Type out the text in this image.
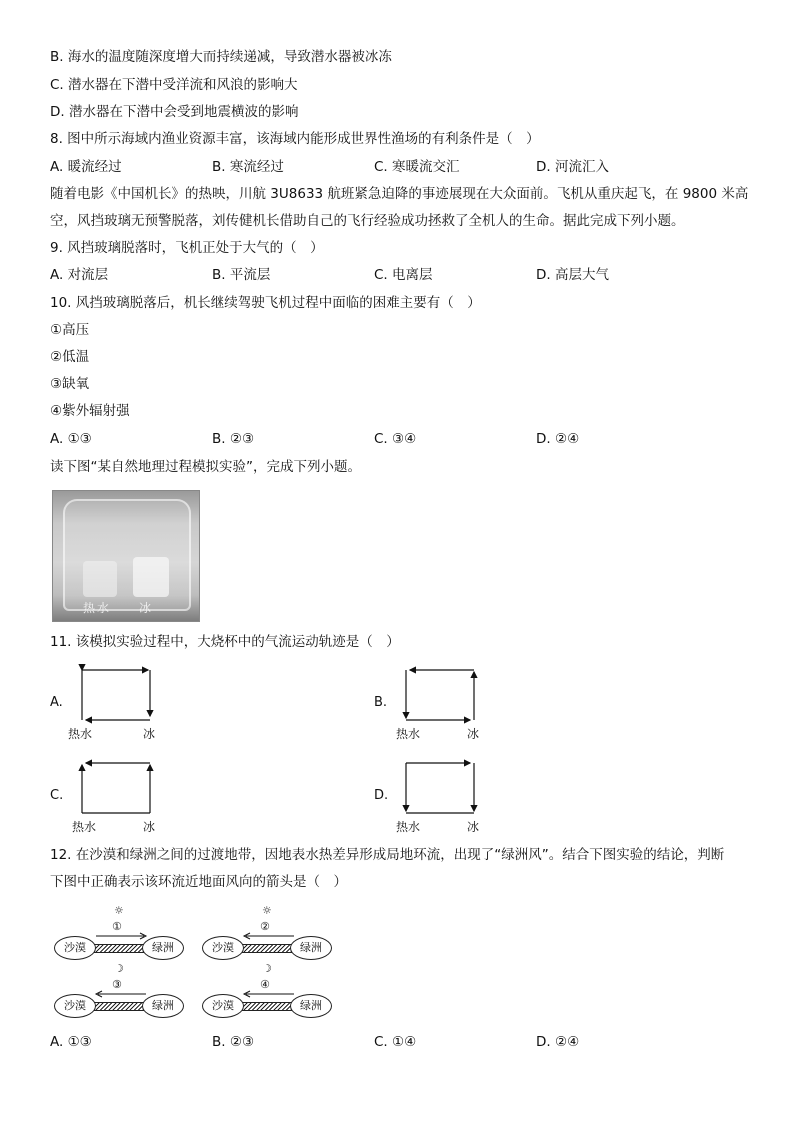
B. 海水的温度随深度增大而持续递减，导致潜水器被冰冻
C. 潜水器在下潜中受洋流和风浪的影响大
D. 潜水器在下潜中会受到地震横波的影响
8. 图中所示海域内渔业资源丰富，该海域内能形成世界性渔场的有利条件是（　）
A. 暖流经过	B. 寒流经过	C. 寒暖流交汇	D. 河流汇入
随着电影《中国机长》的热映，川航 3U8633 航班紧急迫降的事迹展现在大众面前。飞机从重庆起飞，在 9800 米高
空，风挡玻璃无预警脱落，刘传健机长借助自己的飞行经验成功拯救了全机人的生命。据此完成下列小题。
9. 风挡玻璃脱落时，飞机正处于大气的（　）
A. 对流层	B. 平流层	C. 电离层	D. 高层大气
10. 风挡玻璃脱落后，机长继续驾驶飞机过程中面临的困难主要有（　）
①高压
②低温
③缺氧
④紫外辐射强
A. ①③	B. ②③	C. ③④	D. ②④
读下图“某自然地理过程模拟实验”，完成下列小题。
热水 冰
11. 该模拟实验过程中，大烧杯中的气流运动轨迹是（　）
A.
热水	冰
B.
热水	冰
C.
热水	冰
D.
热水	冰
12. 在沙漠和绿洲之间的过渡地带，因地表水热差异形成局地环流，出现了“绿洲风”。结合下图实验的结论，判断
下图中正确表示该环流近地面风向的箭头是（　）
☼
①
沙漠	绿洲
☼
②
沙漠	绿洲
☽
③
沙漠	绿洲
☽
④
沙漠	绿洲
A. ①③	B. ②③	C. ①④	D. ②④
